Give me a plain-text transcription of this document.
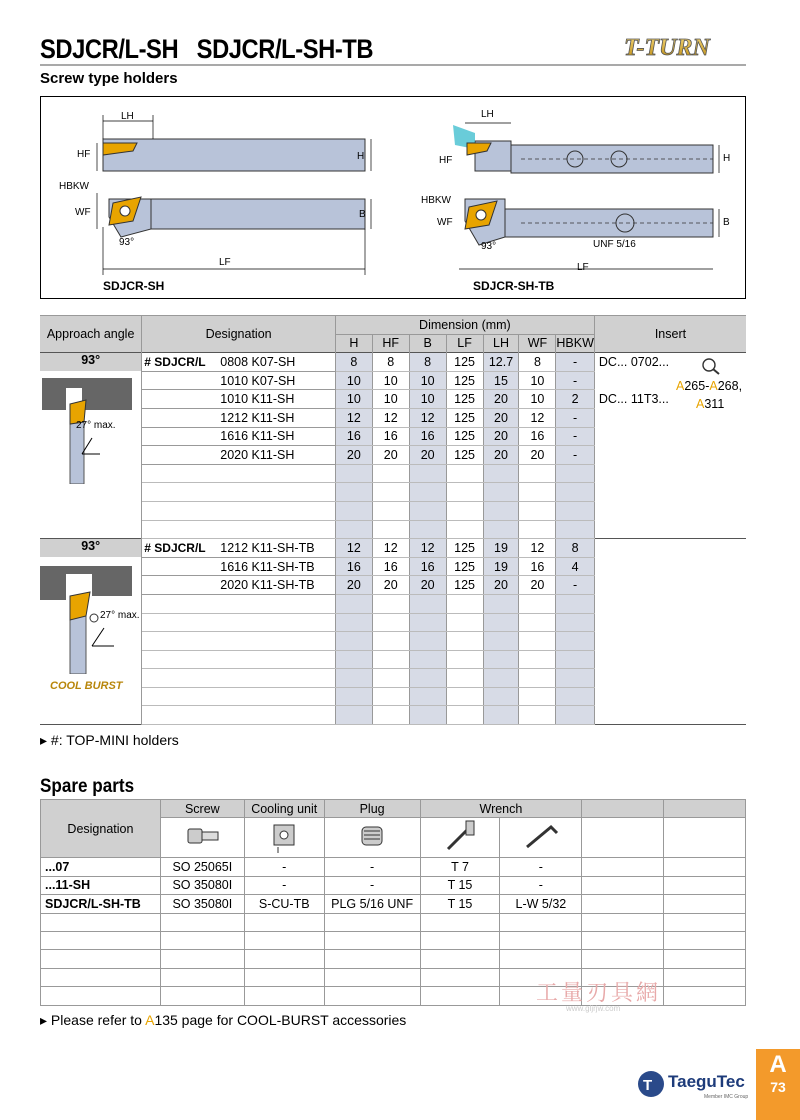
SDJCR/L-SH   SDJCR/L-SH-TB
Screw type holders
T-TURN
LH
HF	H
HBKW
WF	B
93°
LF
SDJCR-SH
LH
HF	H
HBKW
WF	B
93°	UNF 5/16
LF
SDJCR-SH-TB
Approach angle	Designation	Dimension (mm)							Insert
		H	HF	B	LF	LH	WF	HBKW	
93°	# SDJCR/L 0808 K07-SH	8	8	8	125	12.7	8	-	DC... 0702...

	1010 K07-SH	10	10	10	125	15	10	-	

	1010 K11-SH	10	10	10	125	20	10	2	DC... 11T3...

	1212 K11-SH	12	12	12	125	20	12	-	

	1616 K11-SH	16	16	16	125	20	16	-	

	2020 K11-SH	20	20	20	125	20	20	-	

93°	# SDJCR/L 1212 K11-SH-TB	12	12	12	125	19	12	8	

	1616 K11-SH-TB	16	16	16	125	19	16	4	

	2020 K11-SH-TB	20	20	20	125	20	20	-	

27° max.
27° max.
COOL BURST
A265-A268,
A311
▸ #: TOP-MINI holders
Spare parts
Designation	Screw	Cooling unit	Plug	Wrench			

...07	SO 25065I	-	-	T 7	-		
...11-SH	SO 35080I	-	-	T 15	-		
SDJCR/L-SH-TB	SO 35080I	S-CU-TB	PLG 5/16 UNF	T 15	L-W 5/32		

▸ Please refer to A135 page for COOL-BURST accessories
工量刃具網
www.gljrjw.com
T TaeguTec
Member IMC Group
A
73
